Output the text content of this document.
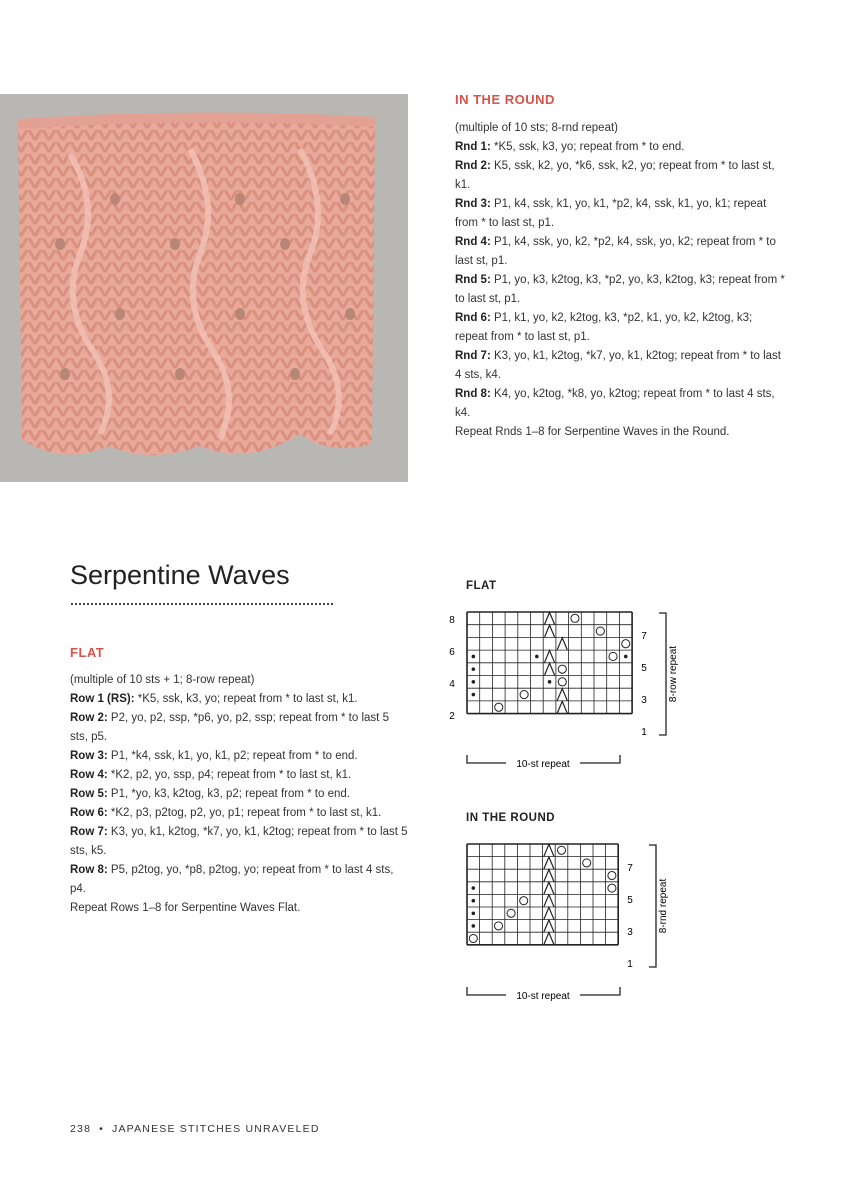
IN THE ROUND

(multiple of 10 sts; 8-rnd repeat)

Rnd 1: *K5, ssk, k3, yo; repeat from * to end.

Rnd 2: K5, ssk, k2, yo, *k6, ssk, k2, yo; repeat from * to last st, k1.

Rnd 3: P1, k4, ssk, k1, yo, k1, *p2, k4, ssk, k1, yo, k1; repeat from * to last st, p1.

Rnd 4: P1, k4, ssk, yo, k2, *p2, k4, ssk, yo, k2; repeat from * to last st, p1.

Rnd 5: P1, yo, k3, k2tog, k3, *p2, yo, k3, k2tog, k3; repeat from * to last st, p1.

Rnd 6: P1, k1, yo, k2, k2tog, k3, *p2, k1, yo, k2, k2tog, k3; repeat from * to last st, p1.

Rnd 7: K3, yo, k1, k2tog, *k7, yo, k1, k2tog; repeat from * to last 4 sts, k4.

Rnd 8: K4, yo, k2tog, *k8, yo, k2tog; repeat from * to last 4 sts, k4.

Repeat Rnds 1–8 for Serpentine Waves in the Round.

Serpentine Waves
FLAT

(multiple of 10 sts + 1; 8-row repeat)

Row 1 (RS): *K5, ssk, k3, yo; repeat from * to last st, k1.

Row 2: P2, yo, p2, ssp, *p6, yo, p2, ssp; repeat from * to last 5 sts, p5.

Row 3: P1, *k4, ssk, k1, yo, k1, p2; repeat from * to end.

Row 4: *K2, p2, yo, ssp, p4; repeat from * to last st, k1.

Row 5: P1, *yo, k3, k2tog, k3, p2; repeat from * to end.

Row 6: *K2, p3, p2tog, p2, yo, p1; repeat from * to last st, k1.

Row 7: K3, yo, k1, k2tog, *k7, yo, k1, k2tog; repeat from * to last 5 sts, k5.

Row 8: P5, p2tog, yo, *p8, p2tog, yo; repeat from * to last 4 sts, p4.

Repeat Rows 1–8 for Serpentine Waves Flat.

FLAT
8
6
4
2
7
5
3
1
8-row repeat
10-st repeat
IN THE ROUND
7
5
3
1
8-rnd repeat
10-st repeat
238 • JAPANESE STITCHES UNRAVELED
